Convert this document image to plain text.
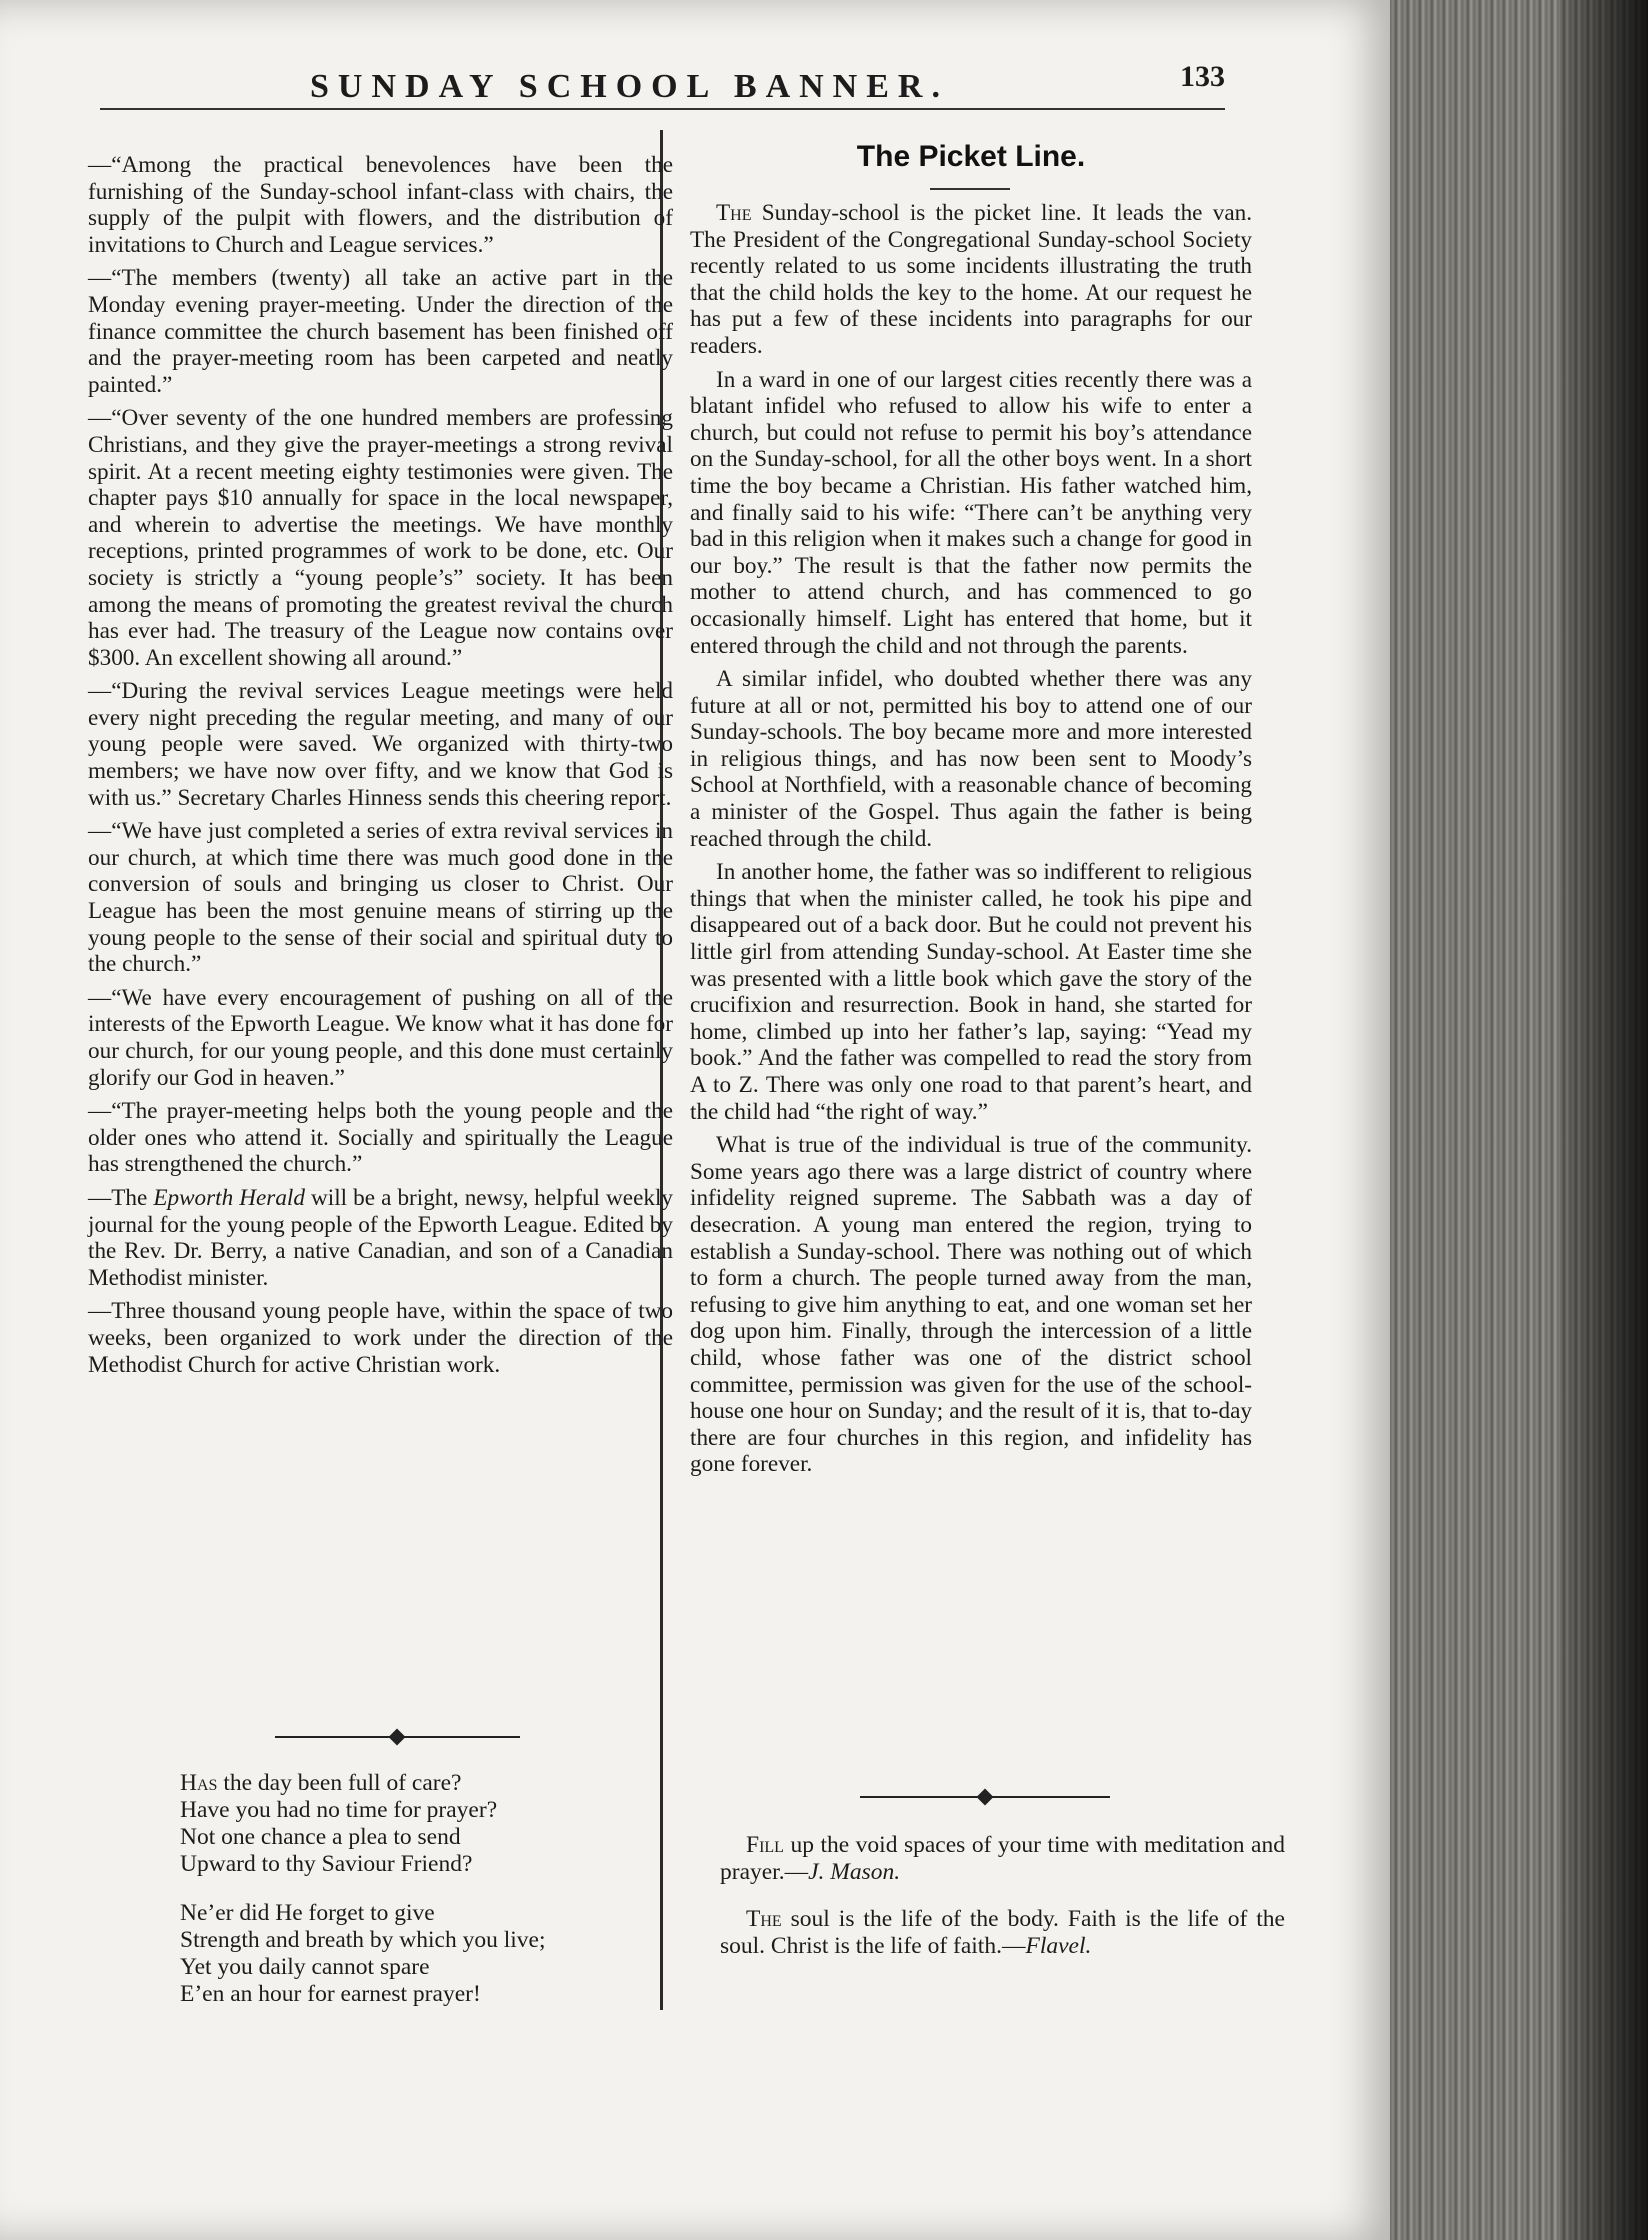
SUNDAY SCHOOL BANNER.	133

—“Among the practical benevolences have been the furnishing of the Sunday-school infant-class with chairs, the supply of the pulpit with flowers, and the distribution of invitations to Church and League services.”

—“The members (twenty) all take an active part in the Monday evening prayer-meeting. Under the direction of the finance committee the church basement has been finished off and the prayer-meeting room has been carpeted and neatly painted.”

—“Over seventy of the one hundred members are professing Christians, and they give the prayer-meetings a strong revival spirit. At a recent meeting eighty testimonies were given. The chapter pays $10 annually for space in the local newspaper, and wherein to advertise the meetings. We have monthly receptions, printed programmes of work to be done, etc. Our society is strictly a “young people’s” society. It has been among the means of promoting the greatest revival the church has ever had. The treasury of the League now contains over $300. An excellent showing all around.”

—“During the revival services League meetings were held every night preceding the regular meeting, and many of our young people were saved. We organized with thirty-two members; we have now over fifty, and we know that God is with us.” Secretary Charles Hinness sends this cheering report.

—“We have just completed a series of extra revival services in our church, at which time there was much good done in the conversion of souls and bringing us closer to Christ. Our League has been the most genuine means of stirring up the young people to the sense of their social and spiritual duty to the church.”

—“We have every encouragement of pushing on all of the interests of the Epworth League. We know what it has done for our church, for our young people, and this done must certainly glorify our God in heaven.”

—“The prayer-meeting helps both the young people and the older ones who attend it. Socially and spiritually the League has strengthened the church.”

—The Epworth Herald will be a bright, newsy, helpful weekly journal for the young people of the Epworth League. Edited by the Rev. Dr. Berry, a native Canadian, and son of a Canadian Methodist minister.

—Three thousand young people have, within the space of two weeks, been organized to work under the direction of the Methodist Church for active Christian work.

Has the day been full of care?
Have you had no time for prayer?
Not one chance a plea to send
Upward to thy Saviour Friend?
Ne’er did He forget to give
Strength and breath by which you live;
Yet you daily cannot spare
E’en an hour for earnest prayer!
The Picket Line.

The Sunday-school is the picket line. It leads the van. The President of the Congregational Sunday-school Society recently related to us some incidents illustrating the truth that the child holds the key to the home. At our request he has put a few of these incidents into paragraphs for our readers.

In a ward in one of our largest cities recently there was a blatant infidel who refused to allow his wife to enter a church, but could not refuse to permit his boy’s attendance on the Sunday-school, for all the other boys went. In a short time the boy became a Christian. His father watched him, and finally said to his wife: “There can’t be anything very bad in this religion when it makes such a change for good in our boy.” The result is that the father now permits the mother to attend church, and has commenced to go occasionally himself. Light has entered that home, but it entered through the child and not through the parents.

A similar infidel, who doubted whether there was any future at all or not, permitted his boy to attend one of our Sunday-schools. The boy became more and more interested in religious things, and has now been sent to Moody’s School at Northfield, with a reasonable chance of becoming a minister of the Gospel. Thus again the father is being reached through the child.

In another home, the father was so indifferent to religious things that when the minister called, he took his pipe and disappeared out of a back door. But he could not prevent his little girl from attending Sunday-school. At Easter time she was presented with a little book which gave the story of the crucifixion and resurrection. Book in hand, she started for home, climbed up into her father’s lap, saying: “Yead my book.” And the father was compelled to read the story from A to Z. There was only one road to that parent’s heart, and the child had “the right of way.”

What is true of the individual is true of the community. Some years ago there was a large district of country where infidelity reigned supreme. The Sabbath was a day of desecration. A young man entered the region, trying to establish a Sunday-school. There was nothing out of which to form a church. The people turned away from the man, refusing to give him anything to eat, and one woman set her dog upon him. Finally, through the intercession of a little child, whose father was one of the district school committee, permission was given for the use of the school-house one hour on Sunday; and the result of it is, that to-day there are four churches in this region, and infidelity has gone forever.

Fill up the void spaces of your time with meditation and prayer.—J. Mason.

The soul is the life of the body. Faith is the life of the soul. Christ is the life of faith.—Flavel.
